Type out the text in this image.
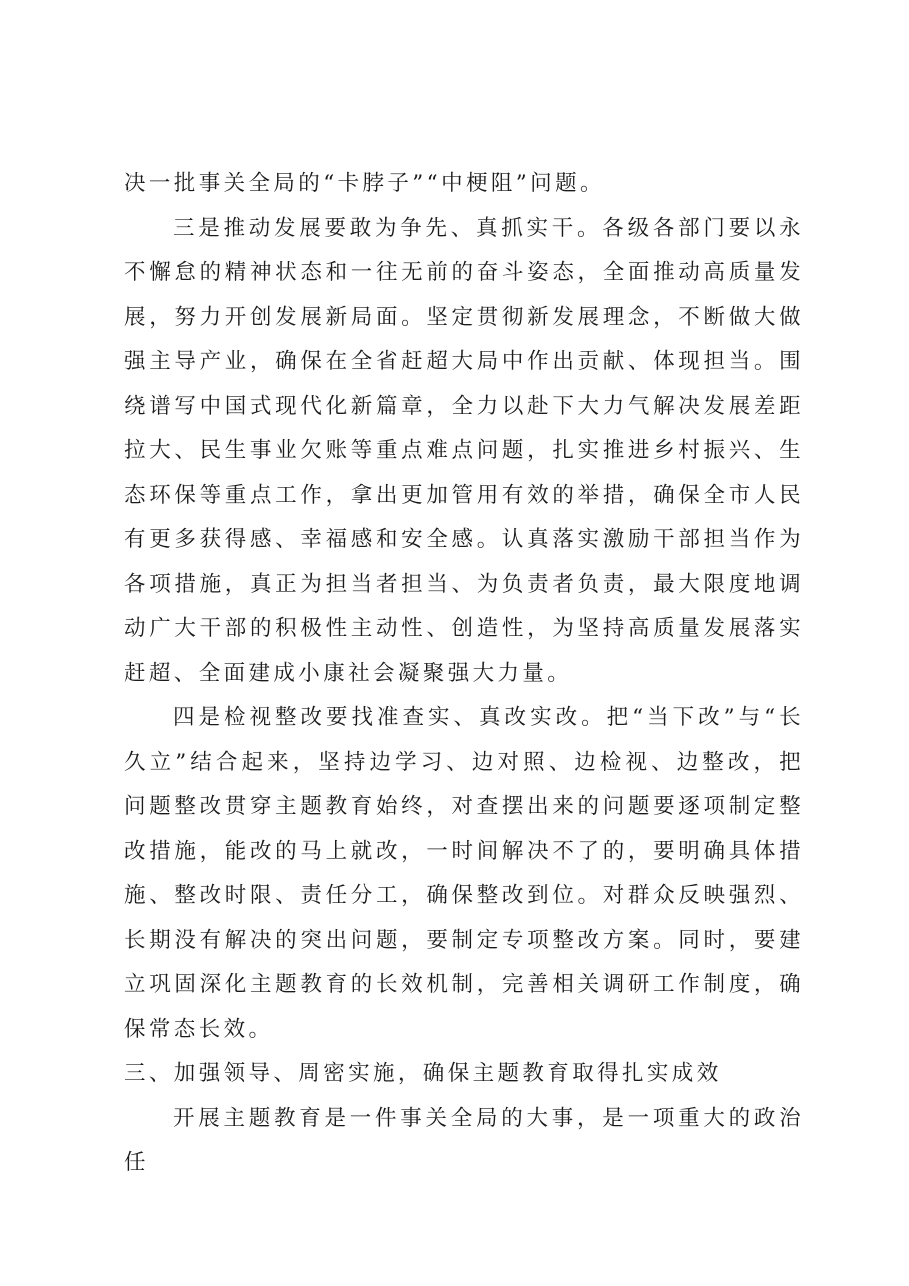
决一批事关全局的“卡脖子”“中梗阻”问题。

三是推动发展要敢为争先、真抓实干。各级各部门要以永不懈怠的精神状态和一往无前的奋斗姿态，全面推动高质量发展，努力开创发展新局面。坚定贯彻新发展理念，不断做大做强主导产业，确保在全省赶超大局中作出贡献、体现担当。围绕谱写中国式现代化新篇章，全力以赴下大力气解决发展差距拉大、民生事业欠账等重点难点问题，扎实推进乡村振兴、生态环保等重点工作，拿出更加管用有效的举措，确保全市人民有更多获得感、幸福感和安全感。认真落实激励干部担当作为各项措施，真正为担当者担当、为负责者负责，最大限度地调动广大干部的积极性主动性、创造性，为坚持高质量发展落实赶超、全面建成小康社会凝聚强大力量。

四是检视整改要找准查实、真改实改。把“当下改”与“长久立”结合起来，坚持边学习、边对照、边检视、边整改，把问题整改贯穿主题教育始终，对查摆出来的问题要逐项制定整改措施，能改的马上就改，一时间解决不了的，要明确具体措施、整改时限、责任分工，确保整改到位。对群众反映强烈、长期没有解决的突出问题，要制定专项整改方案。同时，要建立巩固深化主题教育的长效机制，完善相关调研工作制度，确保常态长效。

三、加强领导、周密实施，确保主题教育取得扎实成效

开展主题教育是一件事关全局的大事，是一项重大的政治任
